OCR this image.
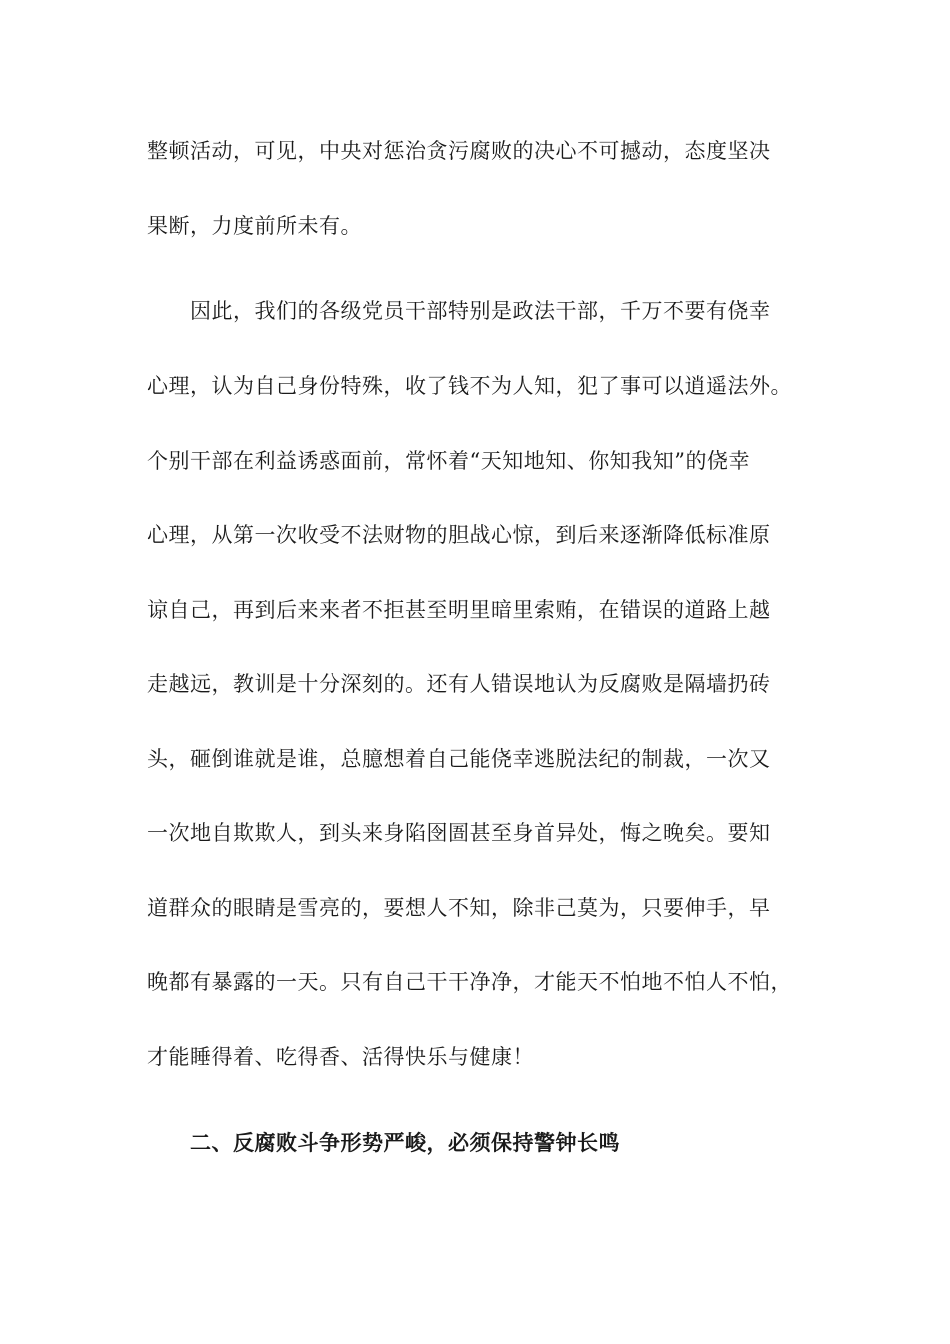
整顿活动，可见，中央对惩治贪污腐败的决心不可撼动，态度坚决
果断，力度前所未有。
因此，我们的各级党员干部特别是政法干部，千万不要有侥幸
心理，认为自己身份特殊，收了钱不为人知，犯了事可以逍遥法外。
个别干部在利益诱惑面前，常怀着“天知地知、你知我知”的侥幸
心理，从第一次收受不法财物的胆战心惊，到后来逐渐降低标准原
谅自己，再到后来来者不拒甚至明里暗里索贿，在错误的道路上越
走越远，教训是十分深刻的。还有人错误地认为反腐败是隔墙扔砖
头，砸倒谁就是谁，总臆想着自己能侥幸逃脱法纪的制裁，一次又
一次地自欺欺人，到头来身陷囹圄甚至身首异处，悔之晚矣。要知
道群众的眼睛是雪亮的，要想人不知，除非己莫为，只要伸手，早
晚都有暴露的一天。只有自己干干净净，才能天不怕地不怕人不怕，
才能睡得着、吃得香、活得快乐与健康！
二、反腐败斗争形势严峻，必须保持警钟长鸣
